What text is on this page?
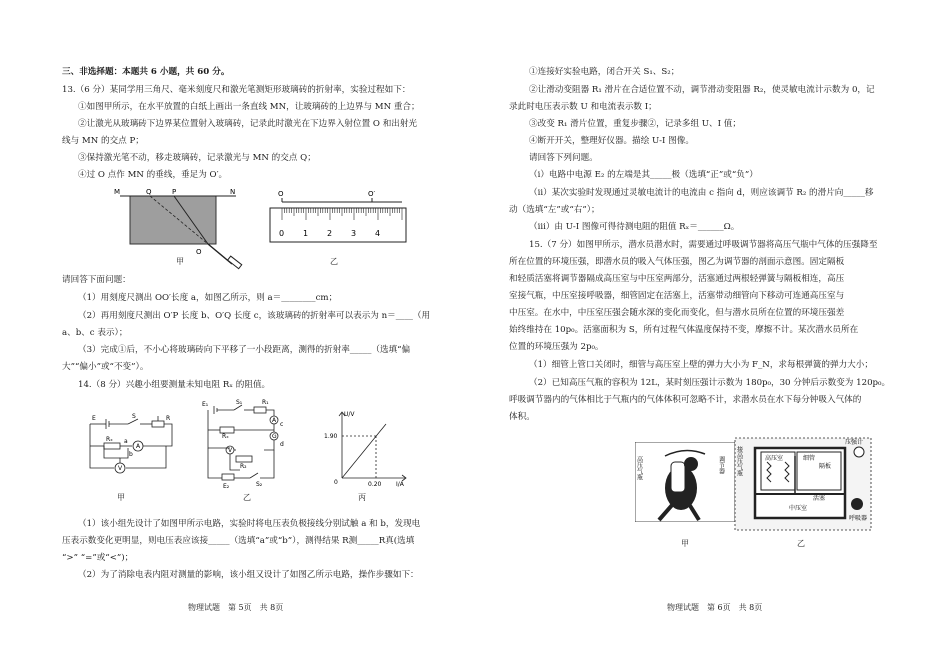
三、非选择题：本题共 6 小题，共 60 分。
13.（6 分）某同学用三角尺、毫米刻度尺和激光笔测矩形玻璃砖的折射率，实验过程如下：
①如图甲所示，在水平放置的白纸上画出一条直线 MN，让玻璃砖的上边界与 MN 重合；
②让激光从玻璃砖下边界某位置射入玻璃砖，记录此时激光在下边界入射位置 O 和出射光
线与 MN 的交点 P；
③保持激光笔不动，移走玻璃砖，记录激光与 MN 的交点 Q；
④过 O 点作 MN 的垂线，垂足为 O′。
M	Q	P	N
O
甲
O	O′
0 1 2 3 4
乙
请回答下面问题：
（1）用刻度尺测出 OO′长度 a，如图乙所示，则 a＝________cm；
（2）再用刻度尺测出 O′P 长度 b、O′Q 长度 c，该玻璃砖的折射率可以表示为 n＝____（用
a、b、c 表示）；
（3）完成①后，不小心将玻璃砖向下平移了一小段距离，测得的折射率_____（选填“偏
大”“偏小”或“不变”）。
14.（8 分）兴趣小组要测量未知电阻 Rₓ 的阻值。
E	S	R
Rₓ a
b
A
V
甲
E₁	S₁	R₁
Rₓ
A
G
V
R₂
E₂	S₂
c
d
乙
U/V
1.90
0	0.20 I/A
丙
（1）该小组先设计了如图甲所示电路，实验时将电压表负极接线分别试触 a 和 b，发现电
压表示数变化更明显，则电压表应该接_____（选填“a”或“b”），测得结果 R测_____R真(选填
“>” “=”或“<”)；
（2）为了消除电表内阻对测量的影响，该小组又设计了如图乙所示电路，操作步骤如下：
物理试题　第 5页　共 8页
①连接好实验电路，闭合开关 S₁、S₂；
②让滑动变阻器 R₁ 滑片在合适位置不动，调节滑动变阻器 R₂，使灵敏电流计示数为 0，记
录此时电压表示数 U 和电流表示数 I；
③改变 R₁ 滑片位置，重复步骤②，记录多组 U、I 值；
④断开开关，整理好仪器。描绘 U-I 图像。
请回答下列问题。
（i）电路中电源 E₂ 的左端是其_____极（选填“正”或“负”）
（ii）某次实验时发现通过灵敏电流计的电流由 c 指向 d，则应该调节 R₂ 的滑片向_____移
动（选填“左”或“右”）；
（iii）由 U-I 图像可得待测电阻的阻值 Rₓ＝______Ω。
15.（7 分）如图甲所示，潜水员潜水时，需要通过呼吸调节器将高压气瓶中气体的压强降至
所在位置的环境压强，即潜水员的吸入气体压强，图乙为调节器的剖面示意图。固定隔板
和轻质活塞将调节器隔成高压室与中压室两部分，活塞通过两根轻弹簧与隔板相连，高压
室接气瓶，中压室接呼吸器，细管固定在活塞上，活塞带动细管向下移动可连通高压室与
中压室。在水中，中压室压强会随水深的变化而变化，但与潜水员所在位置的环境压强差
始终维持在 10p₀。活塞面积为 S，所有过程气体温度保持不变，摩擦不计。某次潜水员所在
位置的环境压强为 2p₀。
（1）细管上管口关闭时，细管与高压室上壁的弹力大小为 F_N，求每根弹簧的弹力大小；
（2）已知高压气瓶的容积为 12L，某时刻压强计示数为 180p₀，30 分钟后示数变为 120p₀。
呼吸调节器内的气体相比于气瓶内的气体体积可忽略不计，求潜水员在水下每分钟吸入气体的
体积。
高压气瓶	调节器
甲
接高压气瓶	高压室	细管
隔板
压强计
中压室
活塞
呼吸器
乙
物理试题　第 6页　共 8页
